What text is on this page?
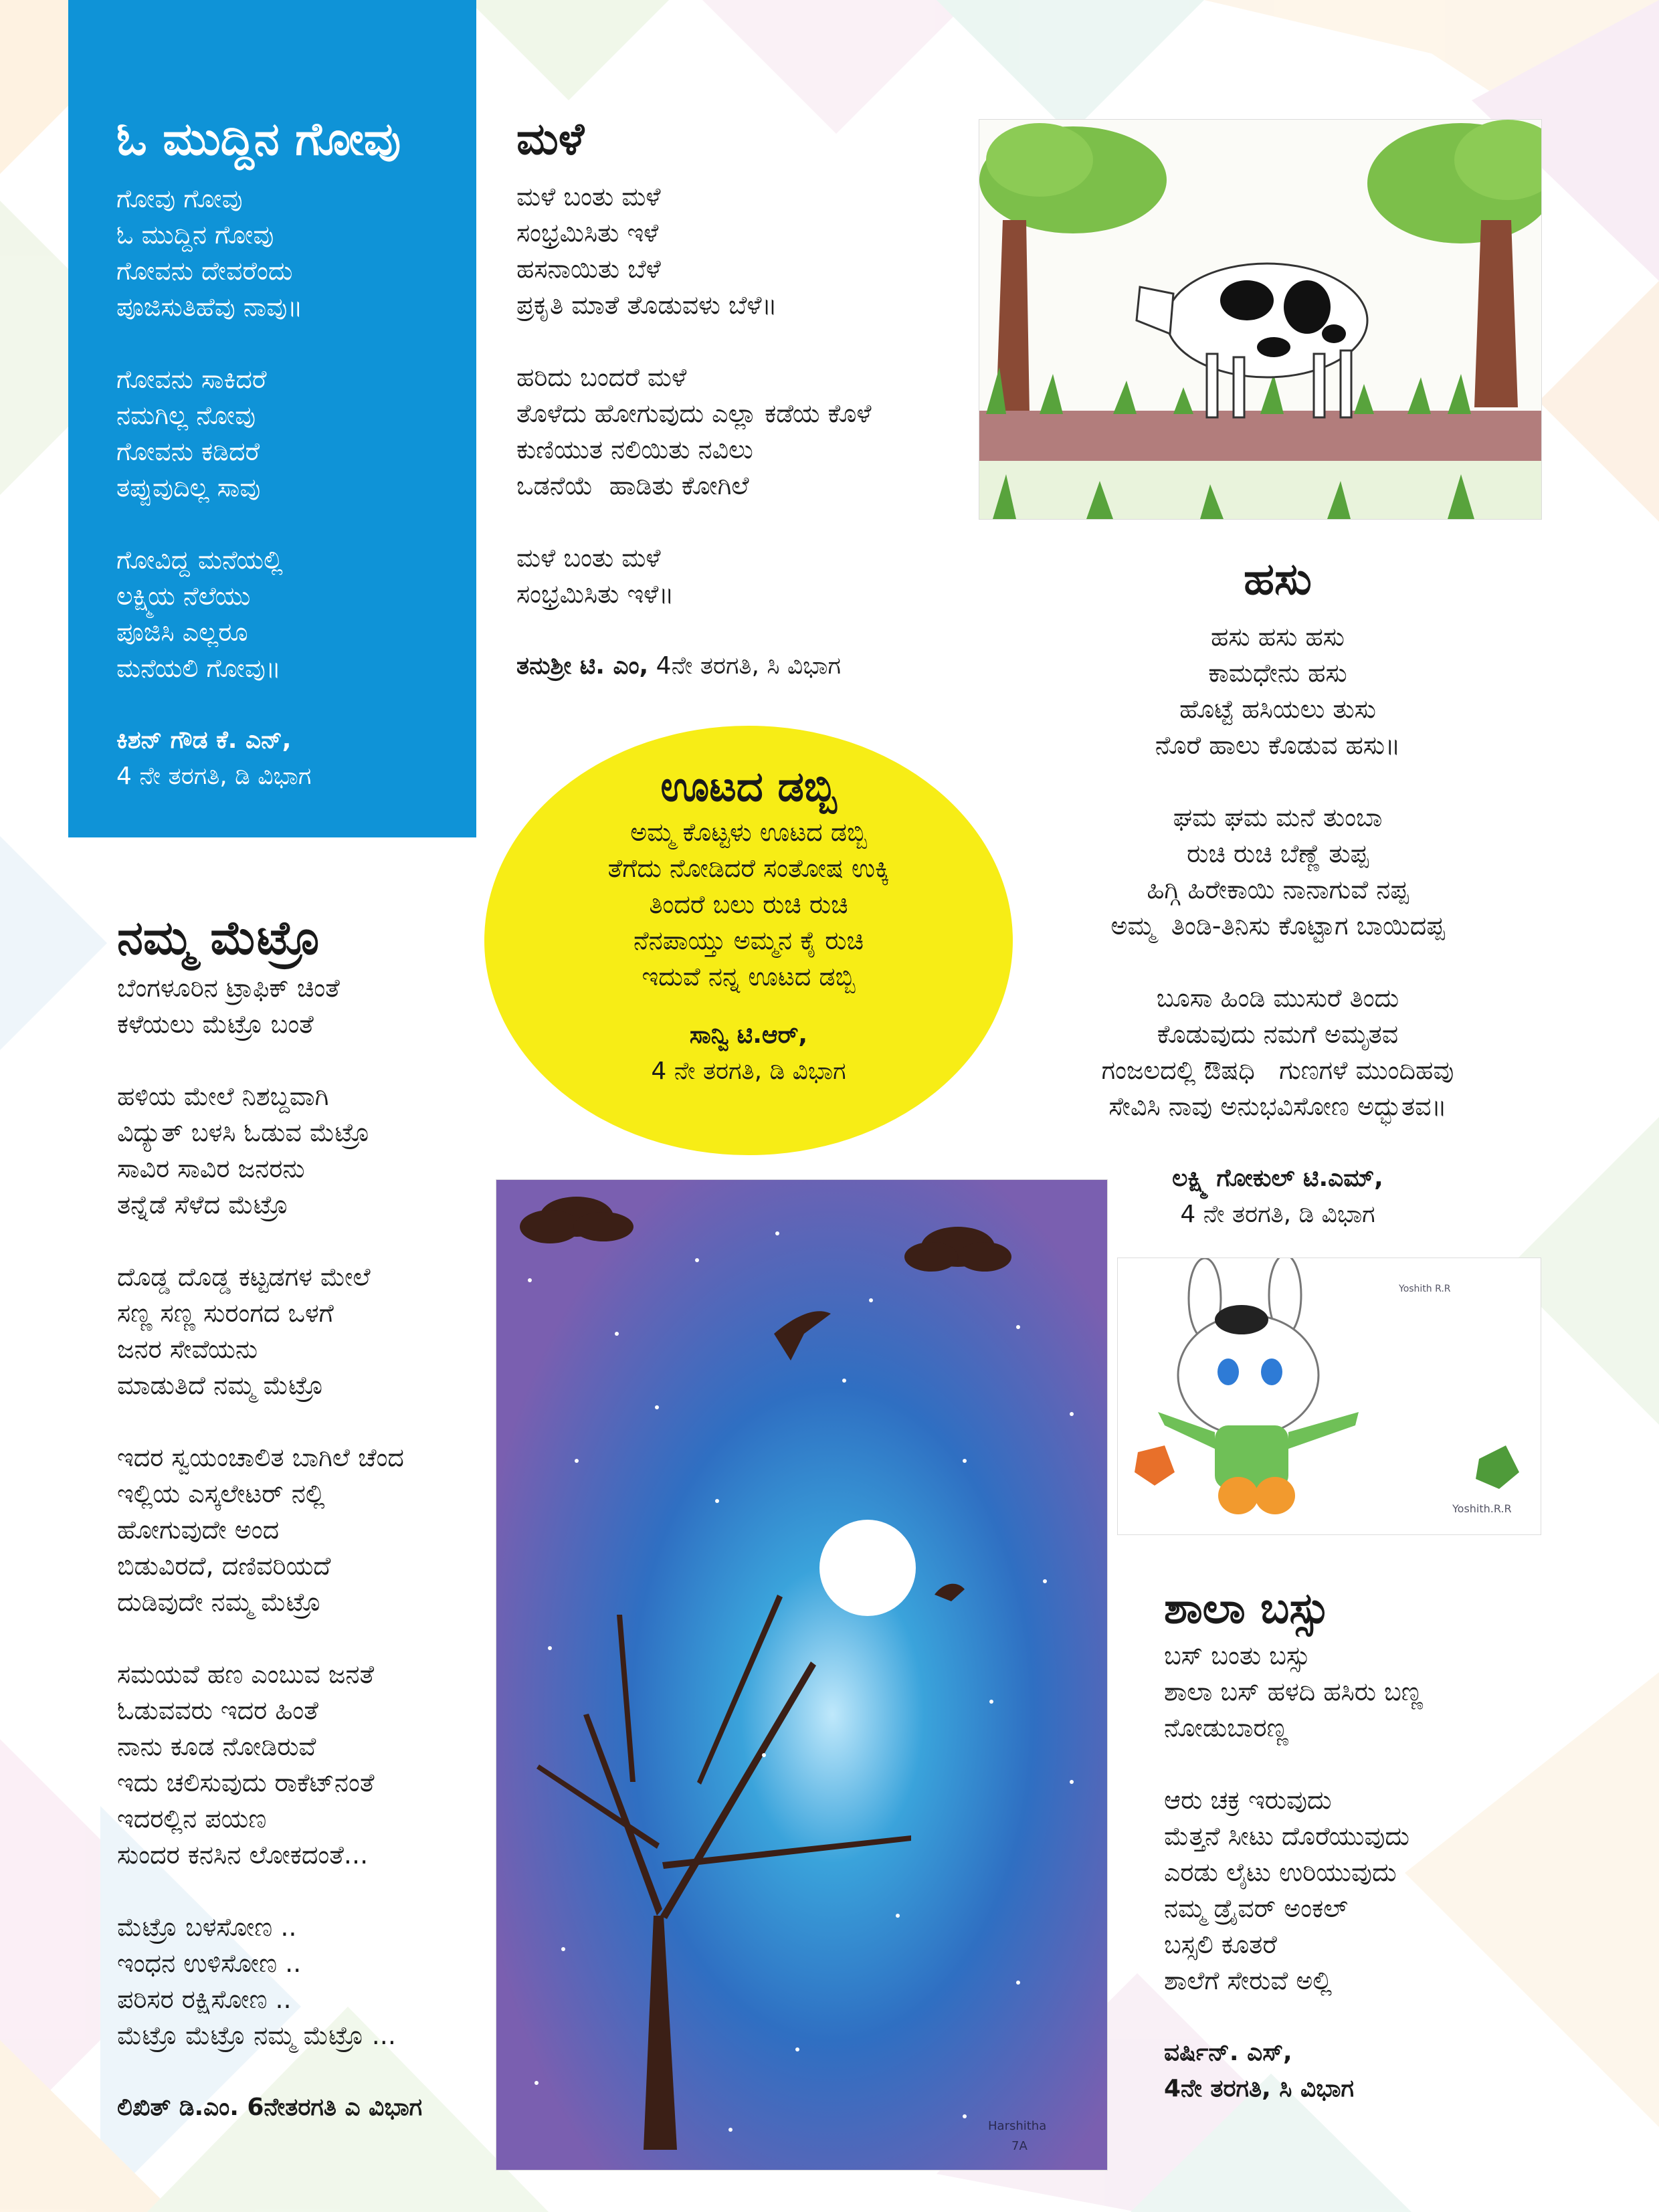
ಓ ಮುದ್ದಿನ ಗೋವು
ಗೋವು ಗೋವು
ಓ ಮುದ್ದಿನ ಗೋವು
ಗೋವನು ದೇವರೆಂದು
ಪೂಜಿಸುತಿಹೆವು ನಾವು॥
ಗೋವನು ಸಾಕಿದರೆ
ನಮಗಿಲ್ಲ ನೋವು
ಗೋವನು ಕಡಿದರೆ
ತಪ್ಪುವುದಿಲ್ಲ ಸಾವು
ಗೋವಿದ್ದ ಮನೆಯಲ್ಲಿ
ಲಕ್ಷ್ಮಿಯ ನೆಲೆಯು
ಪೂಜಿಸಿ ಎಲ್ಲರೂ
ಮನೆಯಲಿ ಗೋವು॥
ಕಿಶನ್ ಗೌಡ ಕೆ. ಎನ್,
4 ನೇ ತರಗತಿ, ಡಿ ವಿಭಾಗ
ಮಳೆ
ಮಳೆ ಬಂತು ಮಳೆ
ಸಂಭ್ರಮಿಸಿತು ಇಳೆ
ಹಸನಾಯಿತು ಬೆಳೆ
ಪ್ರಕೃತಿ ಮಾತೆ ತೊಡುವಳು ಬೆಳೆ॥
ಹರಿದು ಬಂದರೆ ಮಳೆ
ತೊಳೆದು ಹೋಗುವುದು ಎಲ್ಲಾ ಕಡೆಯ ಕೊಳೆ
ಕುಣಿಯುತ ನಲಿಯಿತು ನವಿಲು
ಒಡನೆಯೆ  ಹಾಡಿತು ಕೋಗಿಲೆ
ಮಳೆ ಬಂತು ಮಳೆ
ಸಂಭ್ರಮಿಸಿತು ಇಳೆ॥
ತನುಶ್ರೀ ಟಿ. ಎಂ, 4ನೇ ತರಗತಿ, ಸಿ ವಿಭಾಗ
ಹಸು
ಹಸು ಹಸು ಹಸು
ಕಾಮಧೇನು ಹಸು
ಹೊಟ್ಟೆ ಹಸಿಯಲು ತುಸು
ನೊರೆ ಹಾಲು ಕೊಡುವ ಹಸು॥
ಘಮ ಘಮ ಮನೆ ತುಂಬಾ
ರುಚಿ ರುಚಿ ಬೆಣ್ಣೆ ತುಪ್ಪ
ಹಿಗ್ಗಿ ಹಿರೇಕಾಯಿ ನಾನಾಗುವೆ ನಪ್ಪ
ಅಮ್ಮ  ತಿಂಡಿ-ತಿನಿಸು ಕೊಟ್ಟಾಗ ಬಾಯಿದಪ್ಪ
ಬೂಸಾ ಹಿಂಡಿ ಮುಸುರೆ ತಿಂದು
ಕೊಡುವುದು ನಮಗೆ ಅಮೃತವ
ಗಂಜಲದಲ್ಲಿ ಔಷಧಿ   ಗುಣಗಳೆ ಮುಂದಿಹವು
ಸೇವಿಸಿ ನಾವು ಅನುಭವಿಸೋಣ ಅದ್ಭುತವ॥
ಲಕ್ಷ್ಮಿ ಗೋಕುಲ್ ಟಿ.ಎಮ್,
4 ನೇ ತರಗತಿ, ಡಿ ವಿಭಾಗ
ಊಟದ ಡಬ್ಬಿ
ಅಮ್ಮ ಕೊಟ್ಟಳು ಊಟದ ಡಬ್ಬಿ
ತೆಗೆದು ನೋಡಿದರೆ ಸಂತೋಷ ಉಕ್ಕಿ
ತಿಂದರೆ ಬಲು ರುಚಿ ರುಚಿ
ನೆನಪಾಯ್ತು ಅಮ್ಮನ ಕೈ ರುಚಿ
ಇದುವೆ ನನ್ನ ಊಟದ ಡಬ್ಬಿ
ಸಾನ್ವಿ ಟಿ.ಆರ್,
4 ನೇ ತರಗತಿ, ಡಿ ವಿಭಾಗ
ನಮ್ಮ ಮೆಟ್ರೊ
ಬೆಂಗಳೂರಿನ ಟ್ರಾಫಿಕ್ ಚಿಂತೆ
ಕಳೆಯಲು ಮೆಟ್ರೊ ಬಂತೆ
ಹಳಿಯ ಮೇಲೆ ನಿಶಬ್ದವಾಗಿ
ವಿದ್ಯುತ್ ಬಳಸಿ ಓಡುವ ಮೆಟ್ರೊ
ಸಾವಿರ ಸಾವಿರ ಜನರನು
ತನ್ನೆಡೆ ಸೆಳೆದ ಮೆಟ್ರೊ
ದೊಡ್ಡ ದೊಡ್ಡ ಕಟ್ಟಡಗಳ ಮೇಲೆ
ಸಣ್ಣ ಸಣ್ಣ ಸುರಂಗದ ಒಳಗೆ
ಜನರ ಸೇವೆಯನು
ಮಾಡುತಿದೆ ನಮ್ಮ ಮೆಟ್ರೊ
ಇದರ ಸ್ವಯಂಚಾಲಿತ ಬಾಗಿಲೆ ಚೆಂದ
ಇಲ್ಲಿಯ ಎಸ್ಕಲೇಟರ್ ನಲ್ಲಿ
ಹೋಗುವುದೇ ಅಂದ
ಬಿಡುವಿರದೆ, ದಣಿವರಿಯದೆ
ದುಡಿವುದೇ ನಮ್ಮ ಮೆಟ್ರೊ
ಸಮಯವೆ ಹಣ ಎಂಬುವ ಜನತೆ
ಓಡುವವರು ಇದರ ಹಿಂತೆ
ನಾನು ಕೂಡ ನೋಡಿರುವೆ
ಇದು ಚಲಿಸುವುದು ರಾಕೆಟ್‌ನಂತೆ
ಇದರಲ್ಲಿನ ಪಯಣ
ಸುಂದರ ಕನಸಿನ ಲೋಕದಂತೆ...
ಮೆಟ್ರೊ ಬಳಸೋಣ ..
ಇಂಧನ ಉಳಿಸೋಣ ..
ಪರಿಸರ ರಕ್ಷಿಸೋಣ ..
ಮೆಟ್ರೊ ಮೆಟ್ರೊ ನಮ್ಮ ಮೆಟ್ರೊ ...
ಲಿಖಿತ್ ಡಿ.ಎಂ. 6ನೇತರಗತಿ ಎ ವಿಭಾಗ
Harshitha
7A
Yoshith R.R
Yoshith.R.R
ಶಾಲಾ ಬಸ್ಸು
ಬಸ್ ಬಂತು ಬಸ್ಸು
ಶಾಲಾ ಬಸ್ ಹಳದಿ ಹಸಿರು ಬಣ್ಣ
ನೋಡುಬಾರಣ್ಣ
ಆರು ಚಕ್ರ ಇರುವುದು
ಮೆತ್ತನೆ ಸೀಟು ದೊರೆಯುವುದು
ಎರಡು ಲೈಟು ಉರಿಯುವುದು
ನಮ್ಮ ಡ್ರೈವರ್ ಅಂಕಲ್
ಬಸ್ಸಲಿ ಕೂತರೆ
ಶಾಲೆಗೆ ಸೇರುವೆ ಅಲ್ಲಿ
ವರ್ಷಿನ್. ಎಸ್,
4ನೇ ತರಗತಿ, ಸಿ ವಿಭಾಗ
